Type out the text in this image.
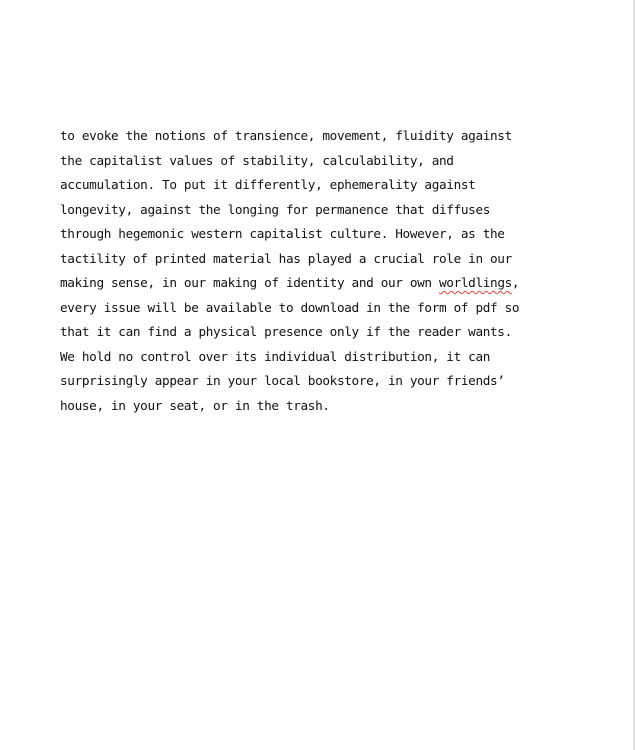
to evoke the notions of transience, movement, fluidity against
the capitalist values of stability, calculability, and
accumulation. To put it differently, ephemerality against
longevity, against the longing for permanence that diffuses
through hegemonic western capitalist culture. However, as the
tactility of printed material has played a crucial role in our
making sense, in our making of identity and our own worldlings,
every issue will be available to download in the form of pdf so
that it can find a physical presence only if the reader wants.
We hold no control over its individual distribution, it can
surprisingly appear in your local bookstore, in your friends’
house, in your seat, or in the trash.
